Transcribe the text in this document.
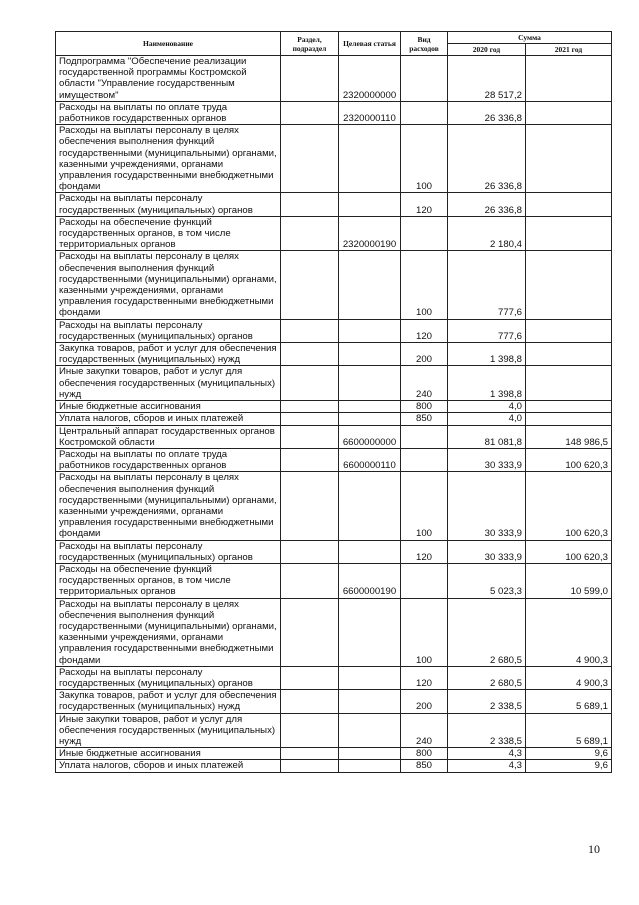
Наименование	Раздел, подраздел	Целевая статья	Вид расходов	Сумма	
				2020 год	2021 год
Подпрограмма "Обеспечение реализации государственной программы Костромской области "Управление государственным имуществом"		2320000000		28 517,2	
Расходы на выплаты по оплате труда работников государственных органов		2320000110		26 336,8	
Расходы на выплаты персоналу в целях обеспечения выполнения функций государственными (муниципальными) органами, казенными учреждениями, органами управления государственными внебюджетными фондами			100	26 336,8	
Расходы на выплаты персоналу государственных (муниципальных) органов			120	26 336,8	
Расходы на обеспечение функций государственных органов, в том числе территориальных органов		2320000190		2 180,4	
Расходы на выплаты персоналу в целях обеспечения выполнения функций государственными (муниципальными) органами, казенными учреждениями, органами управления государственными внебюджетными фондами			100	777,6	
Расходы на выплаты персоналу государственных (муниципальных) органов			120	777,6	
Закупка товаров, работ и услуг для обеспечения государственных (муниципальных) нужд			200	1 398,8	
Иные закупки товаров, работ и услуг для обеспечения государственных (муниципальных) нужд			240	1 398,8	
Иные бюджетные ассигнования			800	4,0	
Уплата налогов, сборов и иных платежей			850	4,0	
Центральный аппарат государственных органов Костромской области		6600000000		81 081,8	148 986,5
Расходы на выплаты по оплате труда работников государственных органов		6600000110		30 333,9	100 620,3
Расходы на выплаты персоналу в целях обеспечения выполнения функций государственными (муниципальными) органами, казенными учреждениями, органами управления государственными внебюджетными фондами			100	30 333,9	100 620,3
Расходы на выплаты персоналу государственных (муниципальных) органов			120	30 333,9	100 620,3
Расходы на обеспечение функций государственных органов, в том числе территориальных органов		6600000190		5 023,3	10 599,0
Расходы на выплаты персоналу в целях обеспечения выполнения функций государственными (муниципальными) органами, казенными учреждениями, органами управления государственными внебюджетными фондами			100	2 680,5	4 900,3
Расходы на выплаты персоналу государственных (муниципальных) органов			120	2 680,5	4 900,3
Закупка товаров, работ и услуг для обеспечения государственных (муниципальных) нужд			200	2 338,5	5 689,1
Иные закупки товаров, работ и услуг для обеспечения государственных (муниципальных) нужд			240	2 338,5	5 689,1
Иные бюджетные ассигнования			800	4,3	9,6
Уплата налогов, сборов и иных платежей			850	4,3	9,6
10
